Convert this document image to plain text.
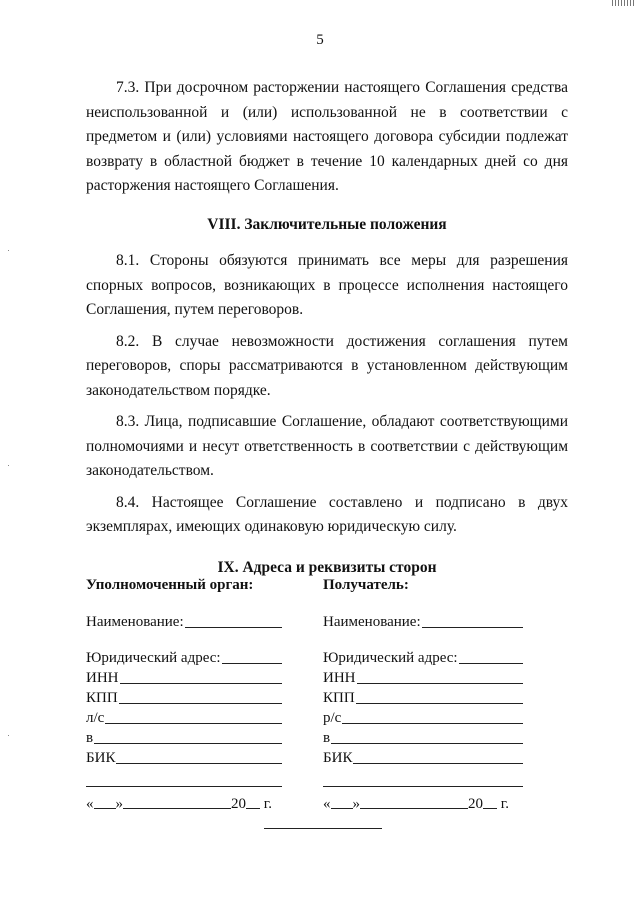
5

7.3. При досрочном расторжении настоящего Соглашения средства неиспользованной и (или) использованной не в соответствии с предметом и (или) условиями настоящего договора субсидии подлежат возврату в областной бюджет в течение 10 календарных дней со дня расторжения настоящего Соглашения.

VIII. Заключительные положения

8.1. Стороны обязуются принимать все меры для разрешения спорных вопросов, возникающих в процессе исполнения настоящего Соглашения, путем переговоров.

8.2. В случае невозможности достижения соглашения путем переговоров, споры рассматриваются в установленном действующим законодательством порядке.

8.3. Лица, подписавшие Соглашение, обладают соответствующими полномочиями и несут ответственность в соответствии с действующим законодательством.

8.4. Настоящее Соглашение составлено и подписано в двух экземплярах, имеющих одинаковую юридическую силу.

IX. Адреса и реквизиты сторон
Уполномоченный орган:
Наименование:
Юридический адрес:
ИНН
КПП
л/с
в
БИК
« »	20
г.
Получатель:
Наименование:
Юридический адрес:
ИНН
КПП
р/с
в
БИК
« »	20
г.
